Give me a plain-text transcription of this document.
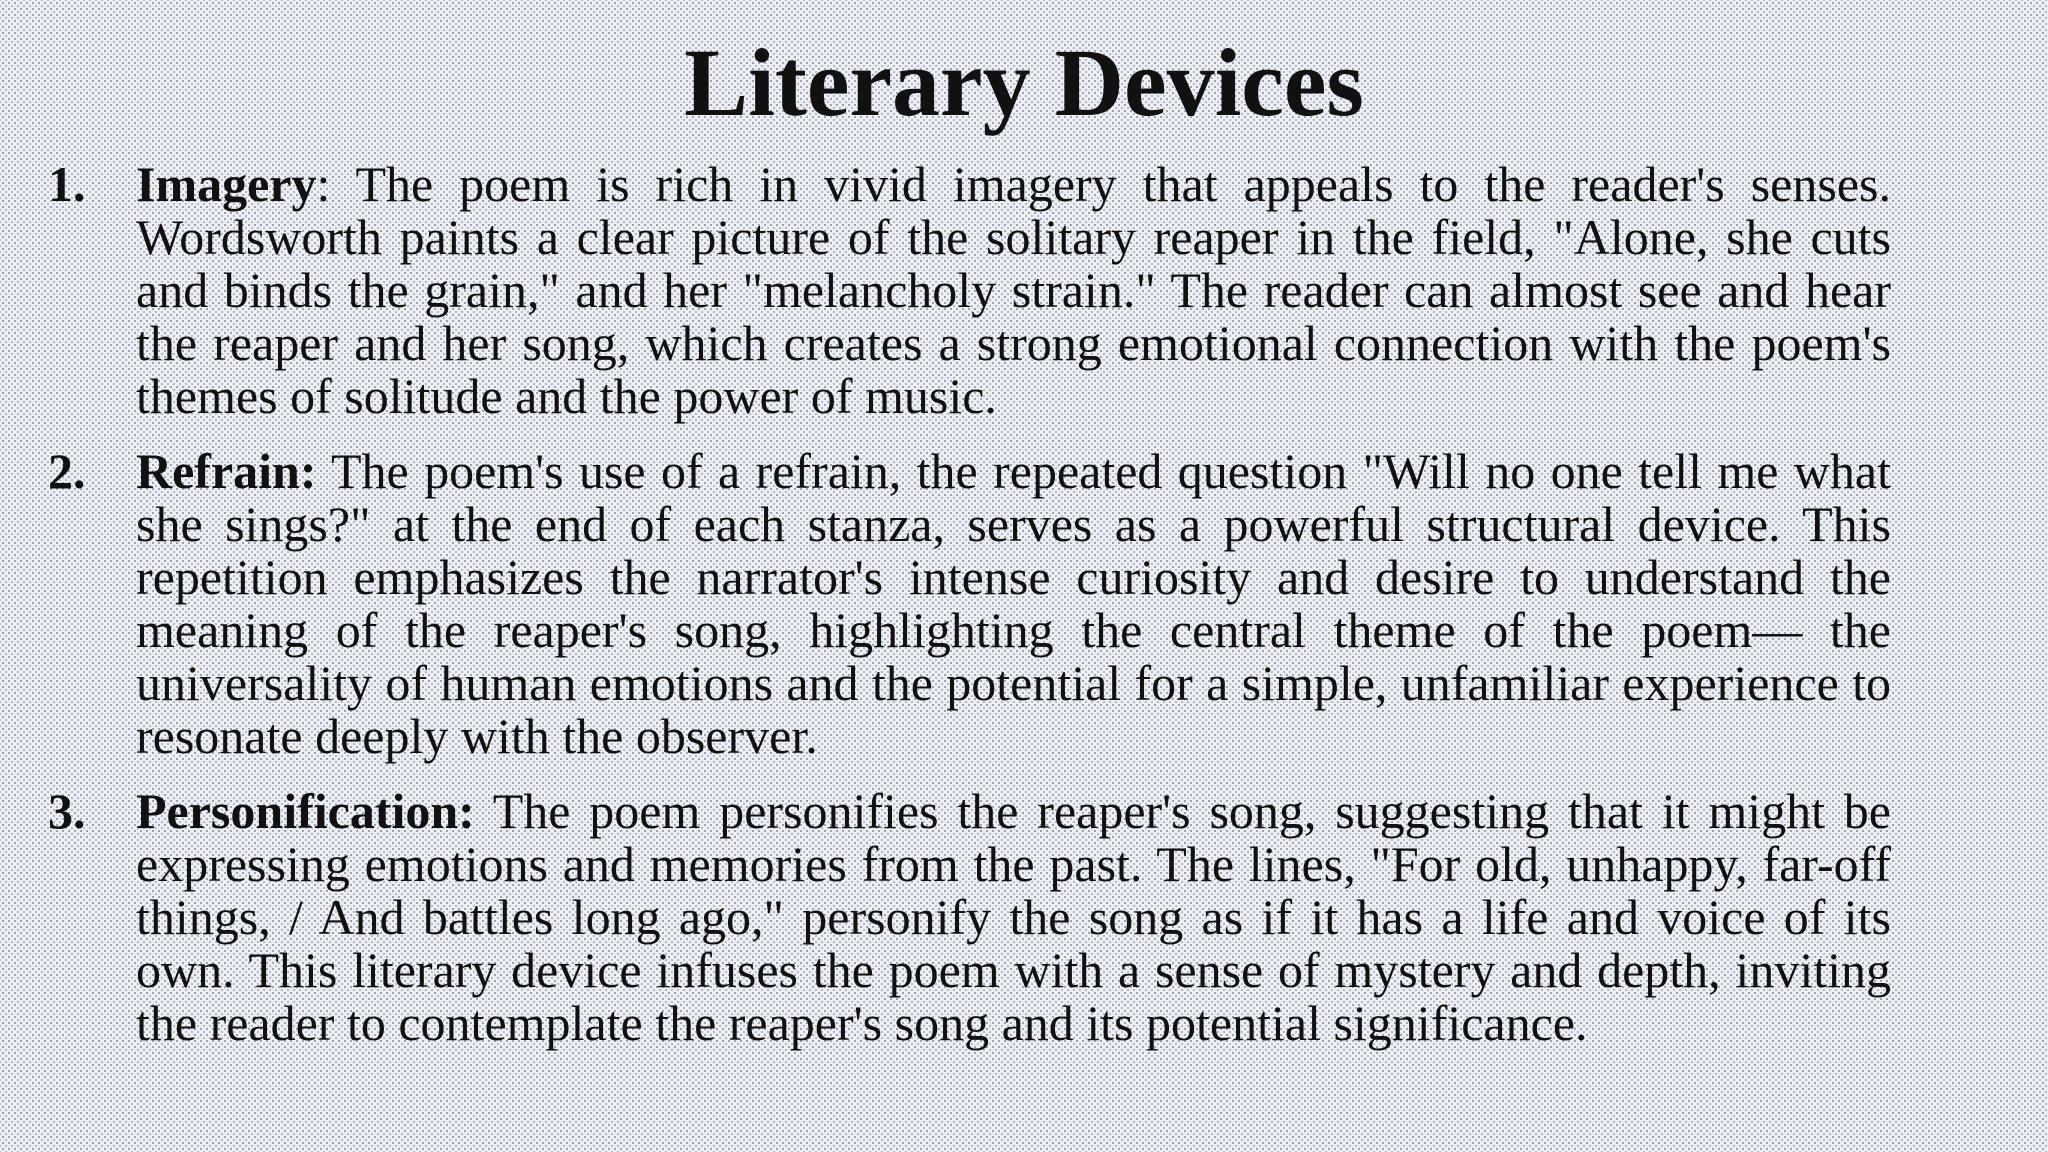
Literary Devices
1. Imagery: The poem is rich in vivid imagery that appeals to the reader's senses. Wordsworth paints a clear picture of the solitary reaper in the field, "Alone, she cuts and binds the grain," and her "melancholy strain." The reader can almost see and hear the reaper and her song, which creates a strong emotional connection with the poem's themes of solitude and the power of music.
2. Refrain: The poem's use of a refrain, the repeated question "Will no one tell me what she sings?" at the end of each stanza, serves as a powerful structural device. This repetition emphasizes the narrator's intense curiosity and desire to understand the meaning of the reaper's song, highlighting the central theme of the poem— the universality of human emotions and the potential for a simple, unfamiliar experience to resonate deeply with the observer.
3. Personification: The poem personifies the reaper's song, suggesting that it might be expressing emotions and memories from the past. The lines, "For old, unhappy, far-off things, / And battles long ago," personify the song as if it has a life and voice of its own. This literary device infuses the poem with a sense of mystery and depth, inviting the reader to contemplate the reaper's song and its potential significance.
